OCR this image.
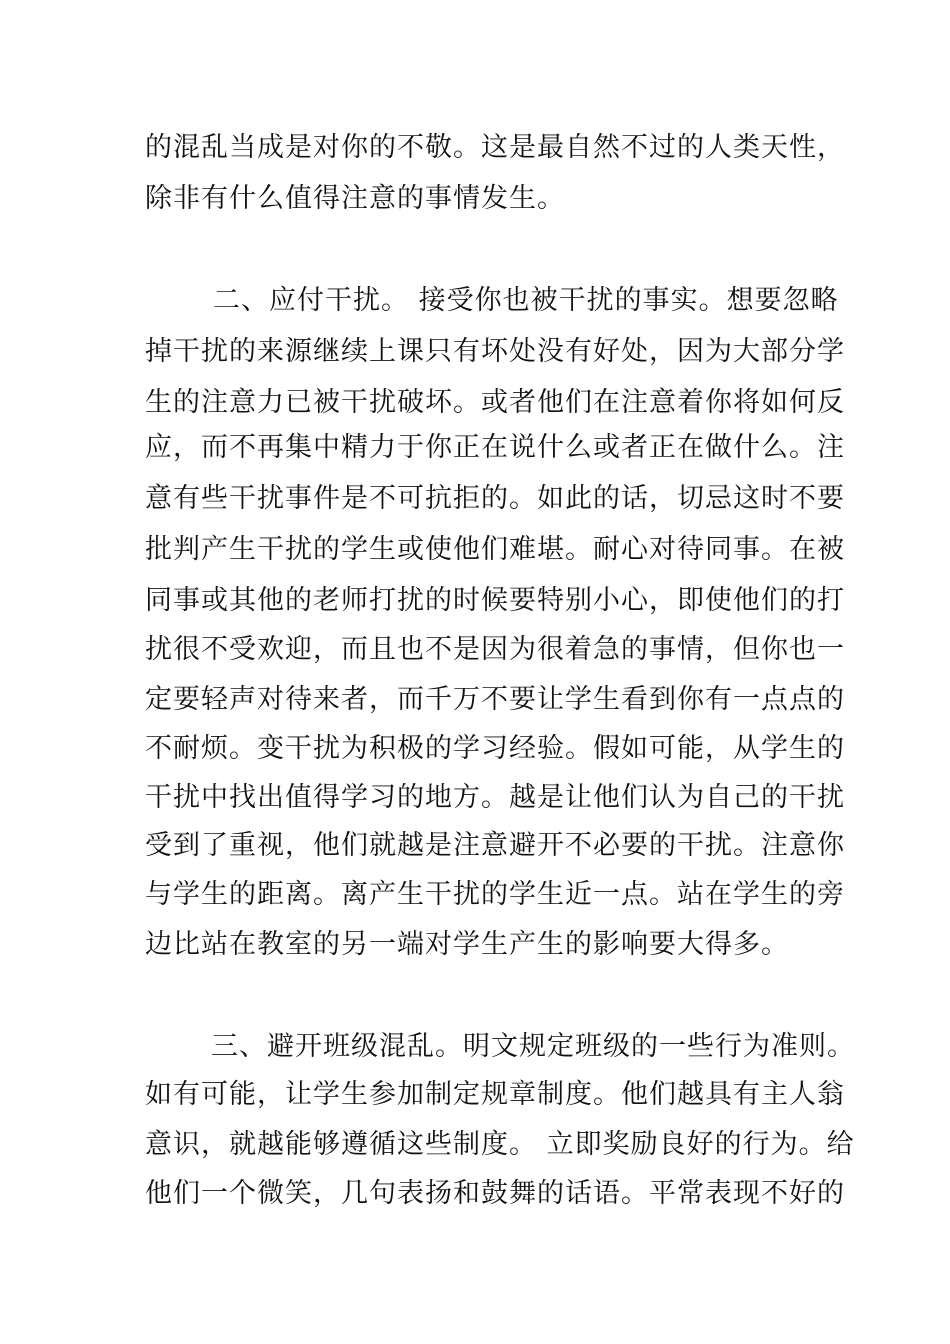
的混乱当成是对你的不敬。这是最自然不过的人类天性，
除非有什么值得注意的事情发生。
二、应付干扰。 接受你也被干扰的事实。想要忽略
掉干扰的来源继续上课只有坏处没有好处，因为大部分学
生的注意力已被干扰破坏。或者他们在注意着你将如何反
应，而不再集中精力于你正在说什么或者正在做什么。注
意有些干扰事件是不可抗拒的。如此的话，切忌这时不要
批判产生干扰的学生或使他们难堪。耐心对待同事。在被
同事或其他的老师打扰的时候要特别小心，即使他们的打
扰很不受欢迎，而且也不是因为很着急的事情，但你也一
定要轻声对待来者，而千万不要让学生看到你有一点点的
不耐烦。变干扰为积极的学习经验。假如可能，从学生的
干扰中找出值得学习的地方。越是让他们认为自己的干扰
受到了重视，他们就越是注意避开不必要的干扰。注意你
与学生的距离。离产生干扰的学生近一点。站在学生的旁
边比站在教室的另一端对学生产生的影响要大得多。
三、避开班级混乱。明文规定班级的一些行为准则。
如有可能，让学生参加制定规章制度。他们越具有主人翁
意识，就越能够遵循这些制度。 立即奖励良好的行为。给
他们一个微笑，几句表扬和鼓舞的话语。平常表现不好的
